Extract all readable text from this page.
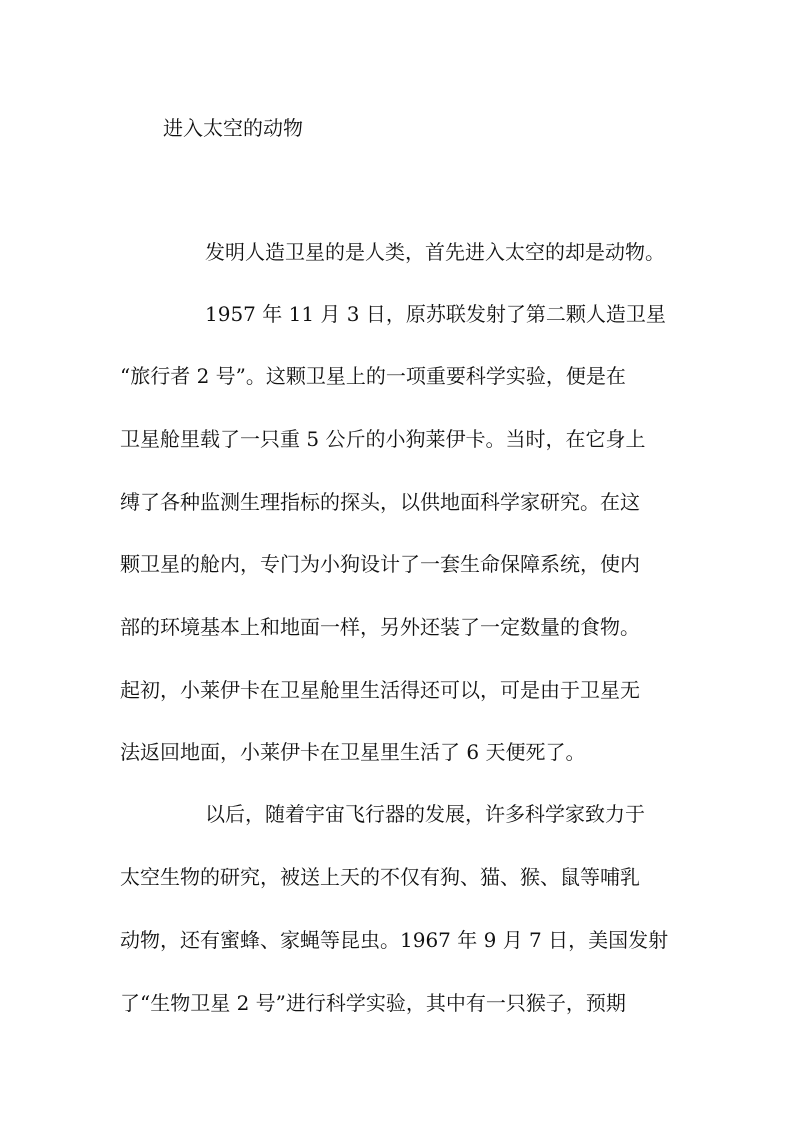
进入太空的动物

发明人造卫星的是人类，首先进入太空的却是动物。

1957 年 11 月 3 日，原苏联发射了第二颗人造卫星

“旅行者 2 号”。这颗卫星上的一项重要科学实验，便是在

卫星舱里载了一只重 5 公斤的小狗莱伊卡。当时，在它身上

缚了各种监测生理指标的探头，以供地面科学家研究。在这

颗卫星的舱内，专门为小狗设计了一套生命保障系统，使内

部的环境基本上和地面一样，另外还装了一定数量的食物。

起初，小莱伊卡在卫星舱里生活得还可以，可是由于卫星无

法返回地面，小莱伊卡在卫星里生活了 6 天便死了。

以后，随着宇宙飞行器的发展，许多科学家致力于

太空生物的研究，被送上天的不仅有狗、猫、猴、鼠等哺乳

动物，还有蜜蜂、家蝇等昆虫。1967 年 9 月 7 日，美国发射

了“生物卫星 2 号”进行科学实验，其中有一只猴子，预期
